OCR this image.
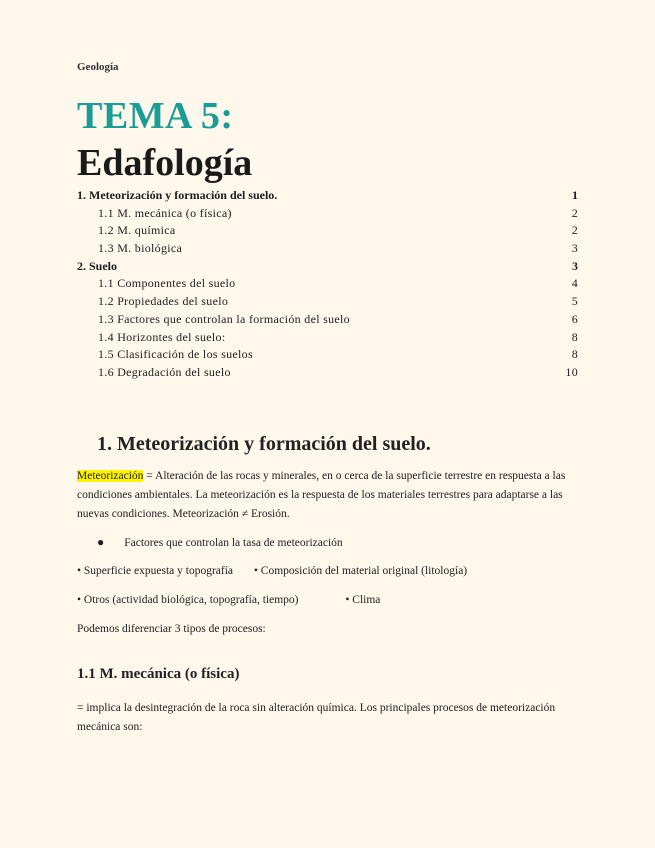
Geología
TEMA 5:
Edafología
1. Meteorización y formación del suelo.	1
1.1 M. mecánica (o física)	2
1.2 M. química	2
1.3 M. biológica	3
2. Suelo	3
1.1 Componentes del suelo	4
1.2 Propiedades del suelo	5
1.3 Factores que controlan la formación del suelo	6
1.4 Horizontes del suelo:	8
1.5 Clasificación de los suelos	8
1.6 Degradación del suelo	10
1. Meteorización y formación del suelo.
Meteorización = Alteración de las rocas y minerales, en o cerca de la superficie terrestre en respuesta a las condiciones ambientales. La meteorización es la respuesta de los materiales terrestres para adaptarse a las nuevas condiciones. Meteorización ≠ Erosión.
● Factores que controlan la tasa de meteorización
• Superficie expuesta y topografía • Composición del material original (litología)
• Otros (actividad biológica, topografía, tiempo)	• Clima
Podemos diferenciar 3 tipos de procesos:
1.1 M. mecánica (o física)
= implica la desintegración de la roca sin alteración química. Los principales procesos de meteorización mecánica son:
